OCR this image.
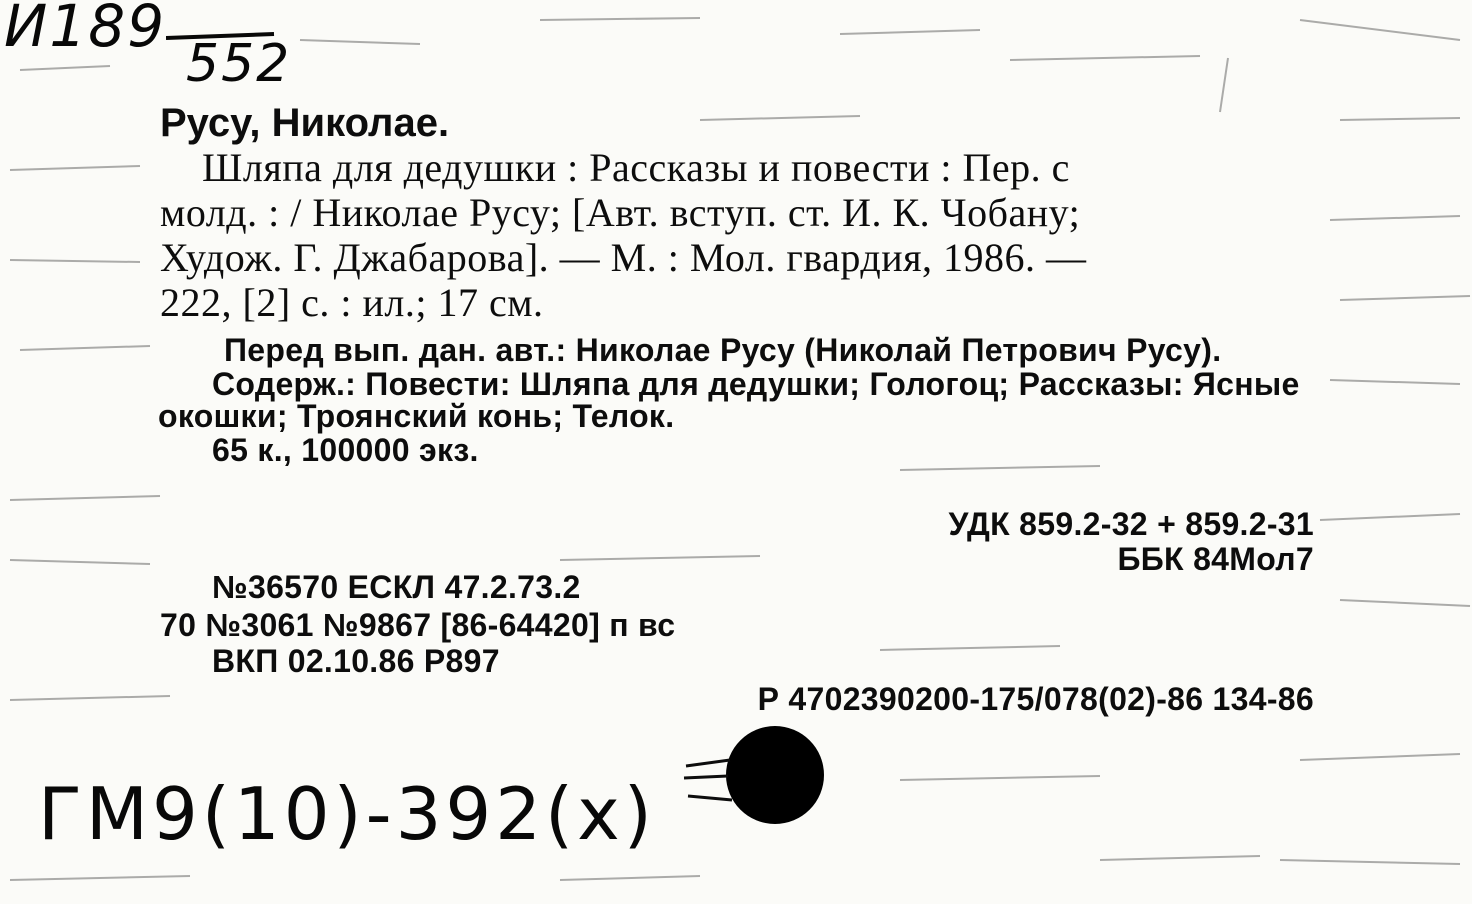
И189
552
Русу, Николае.
Шляпа для дедушки : Рассказы и повести : Пер. с
молд. : / Николае Русу; [Авт. вступ. ст. И. К. Чобану;
Худож. Г. Джабарова]. — М. : Мол. гвардия, 1986. —
222, [2] с. : ил.; 17 см.
Перед вып. дан. авт.: Николае Русу (Николай Петрович Русу).
Содерж.: Повести: Шляпа для дедушки; Гологоц; Рассказы: Ясные
окошки; Троянский конь; Телок.
65 к., 100000 экз.
УДК 859.2-32 + 859.2-31
ББК 84Мол7
№36570 ЕСКЛ 47.2.73.2
70 №3061 №9867 [86-64420] п вс
ВКП 02.10.86 Р897
Р 4702390200-175/078(02)-86 134-86
ГМ9(10)-392(х)
